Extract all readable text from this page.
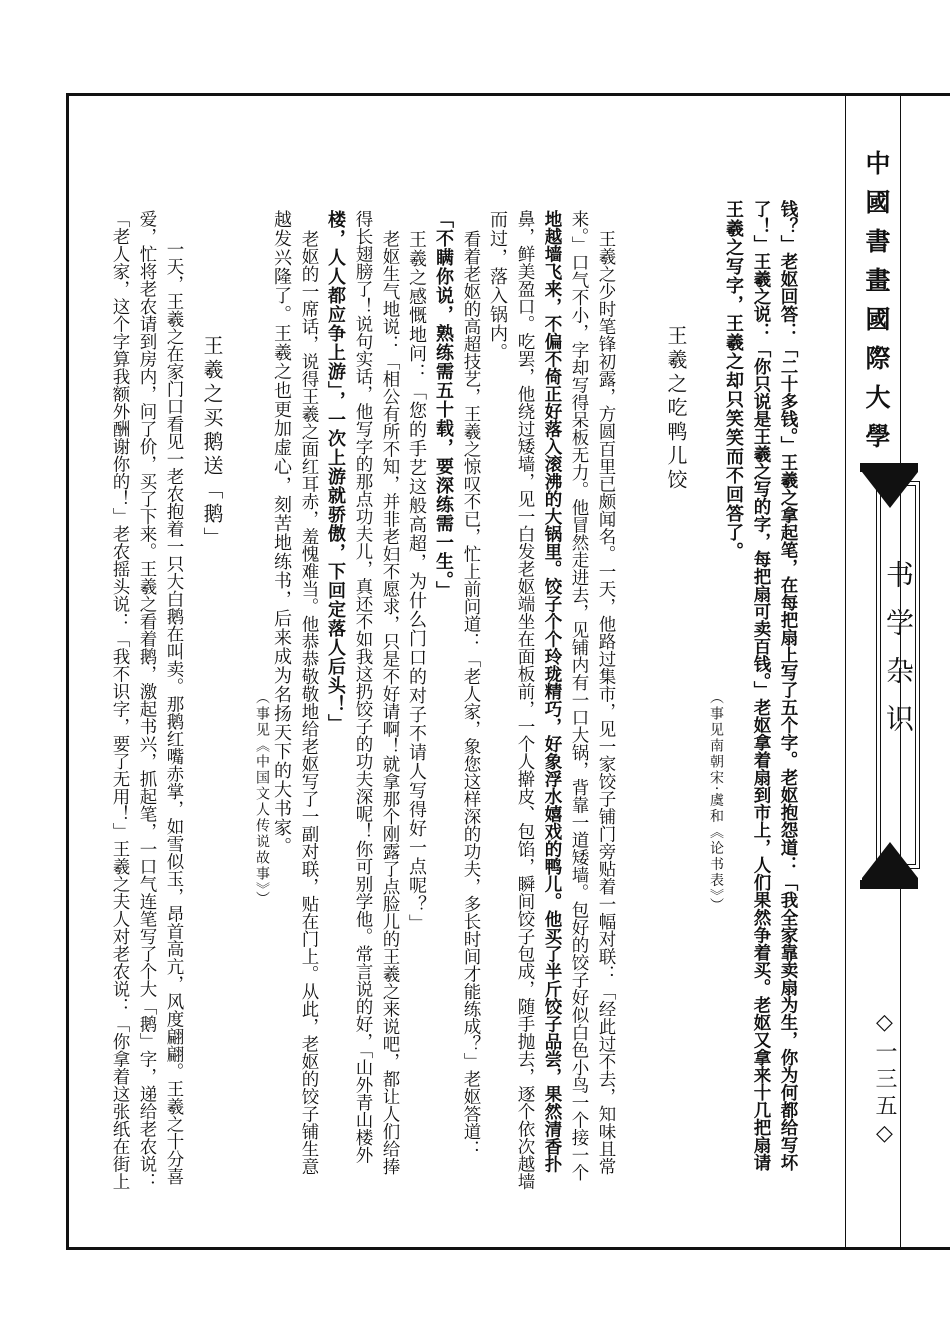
中國書畫國際大學
书学杂识
◇一三五◇
钱？」老妪回答：「二十多钱。」王羲之拿起笔，在每把扇上写了五个字。老妪抱怨道：「我全家靠卖扇为生，你为何都给写坏
了！」王羲之说：「你只说是王羲之写的字，每把扇可卖百钱。」老妪拿着扇到市上，人们果然争着买。老妪又拿来十几把扇请
王羲之写字，王羲之却只笑笑而不回答了。
（事见南朝宋·虞和《论书表》）
王羲之吃鸭儿饺
王羲之少时笔锋初露，方圆百里已颇闻名。一天，他路过集市，见一家饺子铺门旁贴着一幅对联：「经此过不去，知味且常
来。」口气不小，字却写得呆板无力。他冒然走进去，见铺内有一口大锅，背靠一道矮墙。包好的饺子好似白色小鸟一个接一个
地越墙飞来，不偏不倚正好落入滚沸的大锅里。饺子个个玲珑精巧，好象浮水嬉戏的鸭儿。他买了半斤饺子品尝，果然清香扑
鼻，鲜美盈口。吃罢，他绕过矮墙，见一白发老妪端坐在面板前，一个人擀皮、包馅，瞬间饺子包成，随手抛去，逐个依次越墙
而过，落入锅内。
看着老妪的高超技艺，王羲之惊叹不已，忙上前问道：「老人家，象您这样深的功夫，多长时间才能练成？」老妪答道：
「不瞒你说，熟练需五十载，要深练需一生。」
王羲之感慨地问：「您的手艺这般高超，为什么门口的对子不请人写得好一点呢？」
老妪生气地说：「相公有所不知，并非老妇不愿求，只是不好请啊！就拿那个刚露了点脸儿的王羲之来说吧，都让人们给捧
得长翅膀了！说句实话，他写字的那点功夫儿，真还不如我这扔饺子的功夫深呢！你可别学他。常言说的好，「山外青山楼外
楼，人人都应争上游」，一次上游就骄傲，下回定落人后头！」
老妪的一席话，说得王羲之面红耳赤，羞愧难当。他恭恭敬敬地给老妪写了一副对联，贴在门上。从此，老妪的饺子铺生意
越发兴隆了。王羲之也更加虚心，刻苦地练书，后来成为名扬天下的大书家。
（事见《中国文人传说故事》）
王羲之买鹅送「鹅」
一天，王羲之在家门口看见一老农抱着一只大白鹅在叫卖。那鹅红嘴赤掌，如雪似玉，昂首高亢，风度翩翩。王羲之十分喜
爱，忙将老农请到房内，问了价，买了下来。王羲之看着鹅，激起书兴，抓起笔，一口气连笔写了个大「鹅」字，递给老农说：
「老人家，这个字算我额外酬谢你的！」老农摇头说：「我不识字，要了无用！」王羲之夫人对老农说：「你拿着这张纸在街上
